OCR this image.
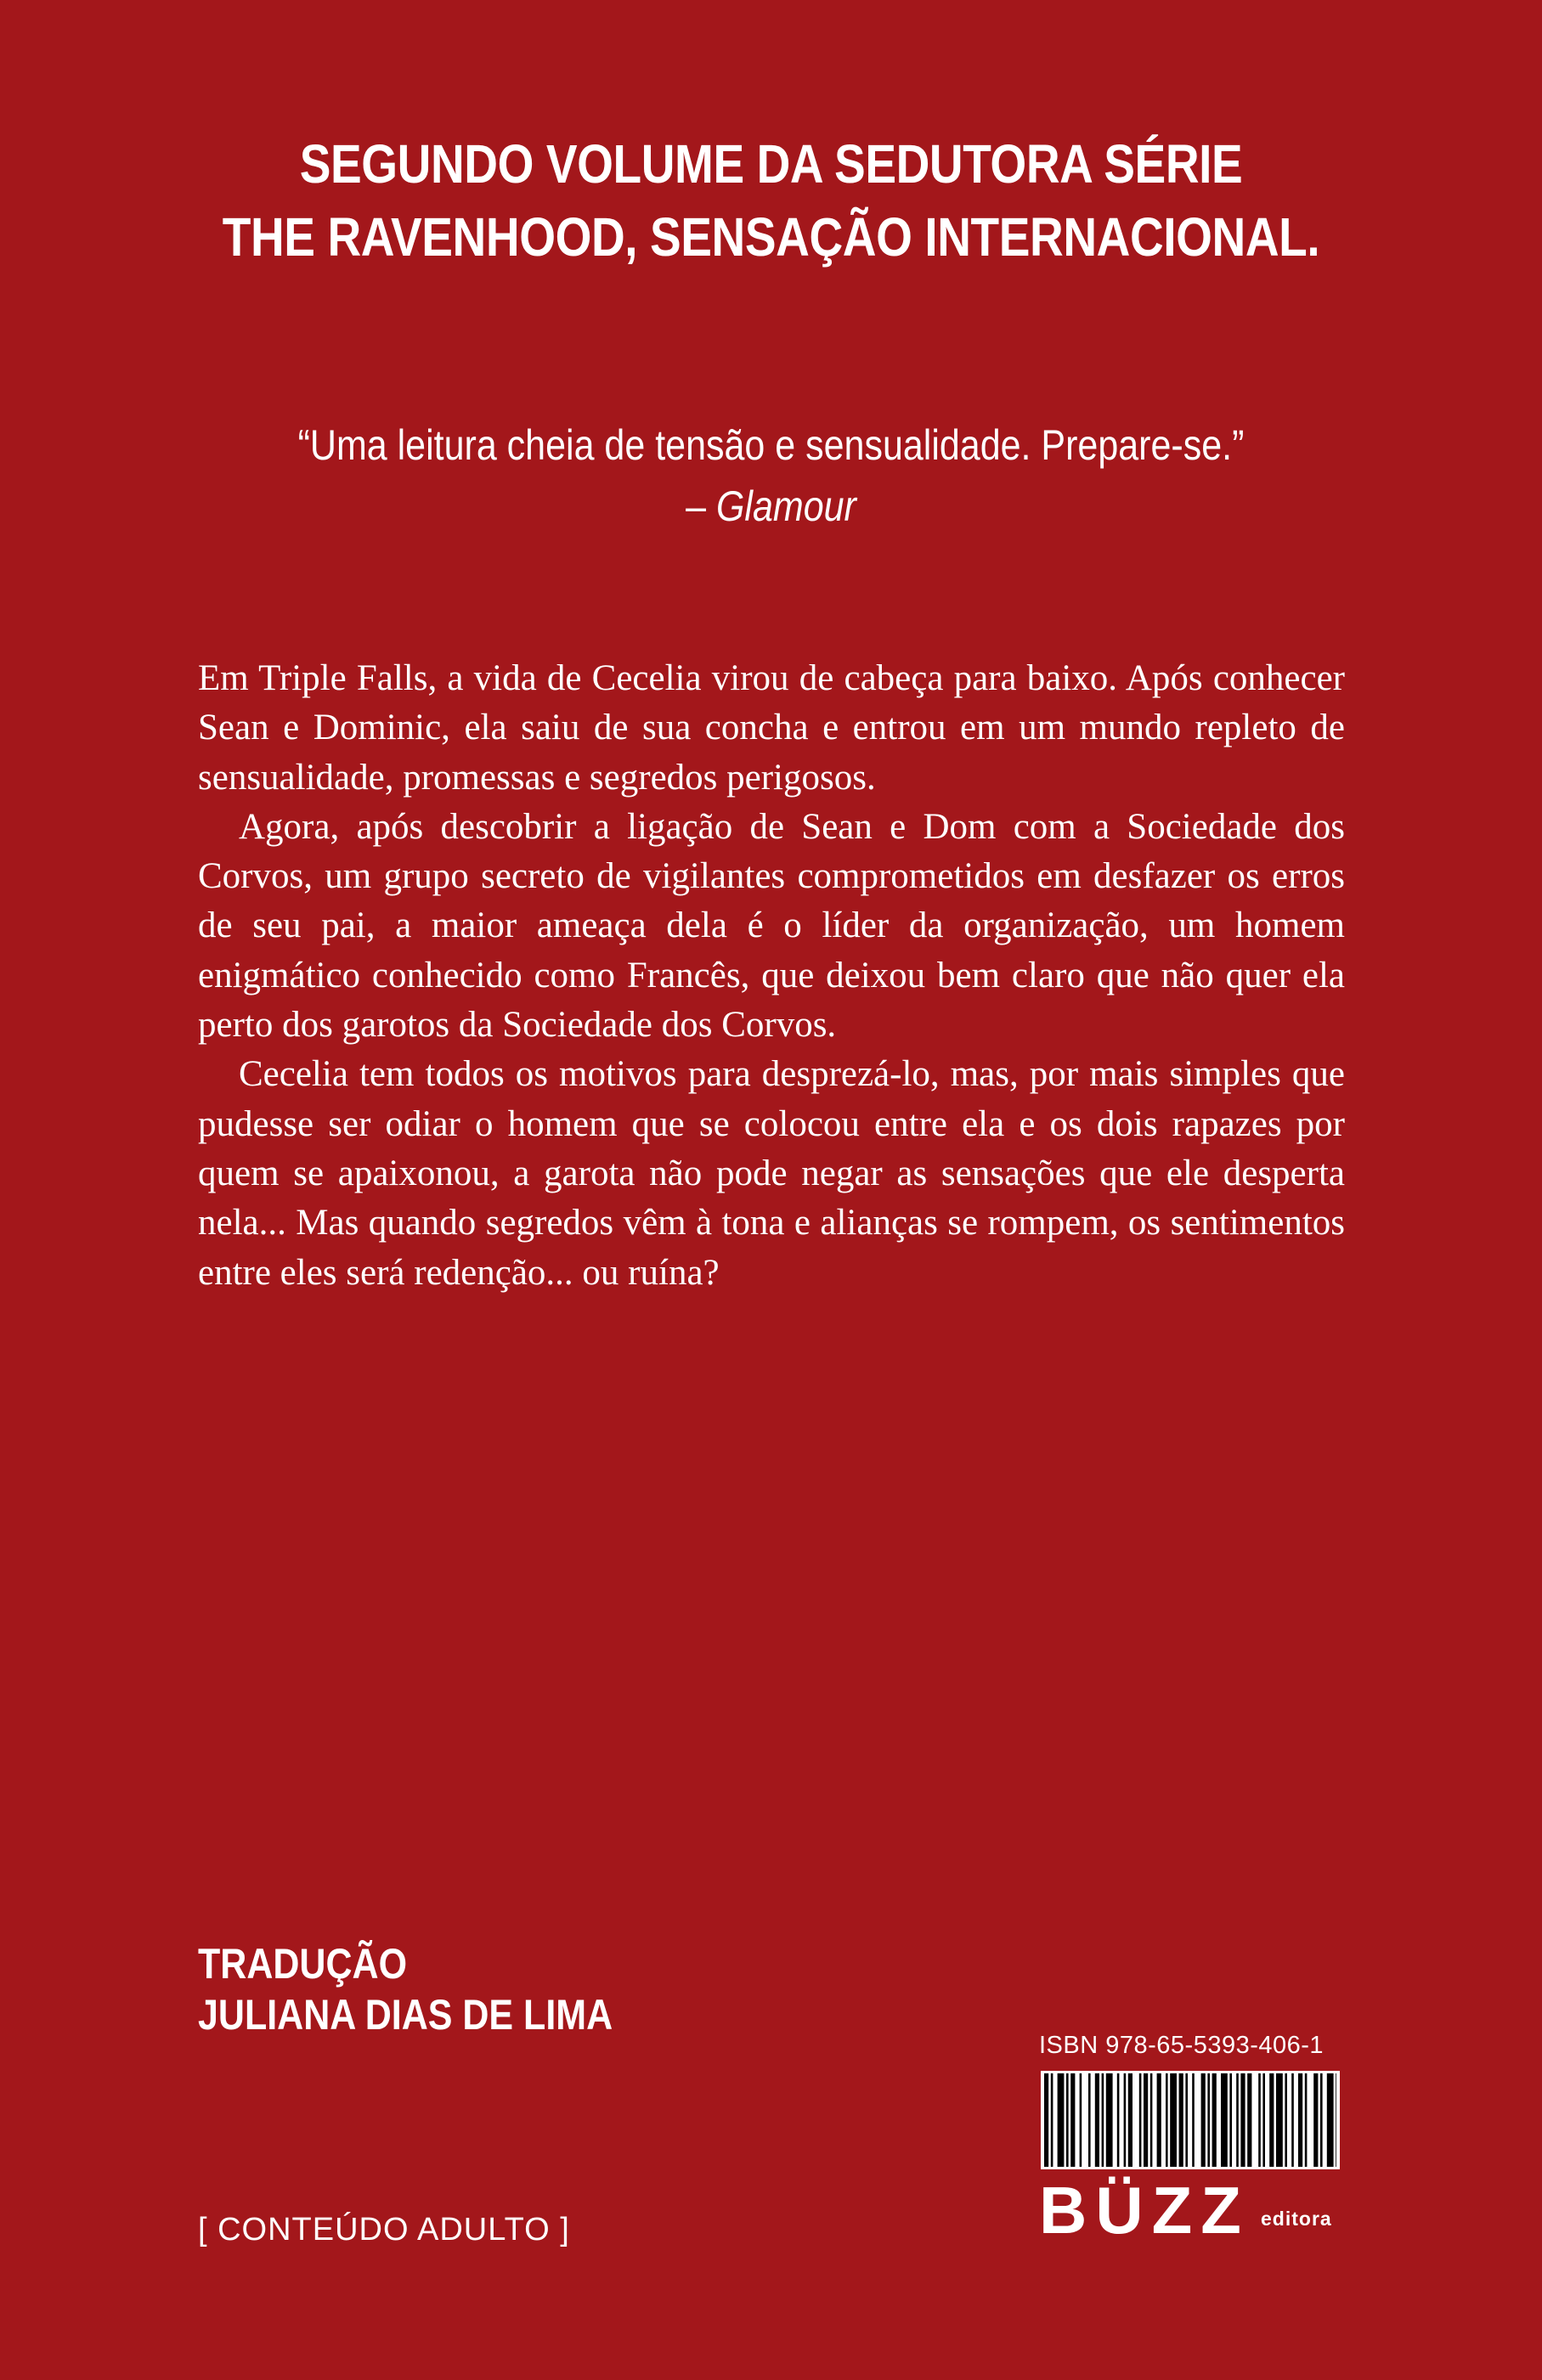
SEGUNDO VOLUME DA SEDUTORA SÉRIE
THE RAVENHOOD, SENSAÇÃO INTERNACIONAL.
“Uma leitura cheia de tensão e sensualidade. Prepare-se.”
– Glamour

Em Triple Falls, a vida de Cecelia virou de cabeça para baixo. Após conhecer Sean e Dominic, ela saiu de sua concha e entrou em um mundo repleto de sensualidade, promessas e segredos perigosos.

Agora, após descobrir a ligação de Sean e Dom com a Sociedade dos Corvos, um grupo secreto de vigilantes comprometidos em desfazer os erros de seu pai, a maior ameaça dela é o líder da organização, um homem enigmático conhecido como Francês, que deixou bem claro que não quer ela perto dos garotos da Sociedade dos Corvos.

Cecelia tem todos os motivos para desprezá-lo, mas, por mais simples que pudesse ser odiar o homem que se colocou entre ela e os dois rapazes por quem se apaixonou, a garota não pode negar as sensações que ele desperta nela... Mas quando segredos vêm à tona e alianças se rompem, os sentimentos entre eles será redenção... ou ruína?

TRADUÇÃO
JULIANA DIAS DE LIMA
[ CONTEÚDO ADULTO ]
ISBN 978-65-5393-406-1
BÜZZ editora
